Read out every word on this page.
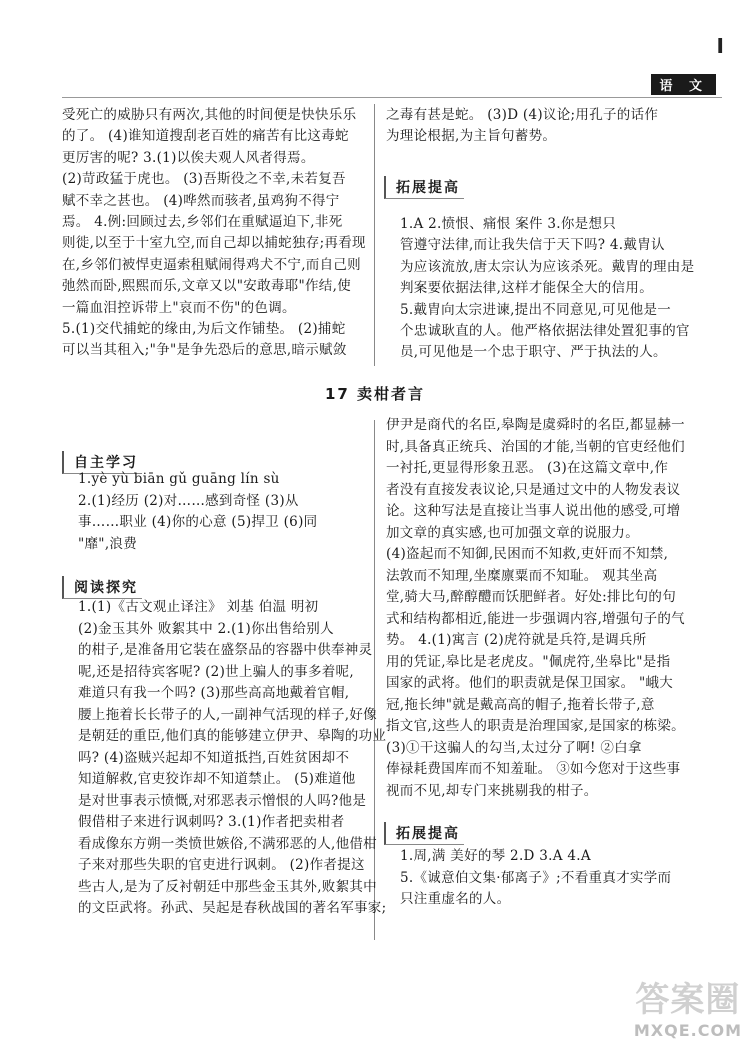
I
语 文
受死亡的威胁只有两次,其他的时间便是快快乐乐
的了。 (4)谁知道搜刮老百姓的痛苦有比这毒蛇
更厉害的呢? 3.(1)以俟夫观人风者得焉。
(2)苛政猛于虎也。 (3)吾斯役之不幸,未若复吾
赋不幸之甚也。 (4)哗然而骇者,虽鸡狗不得宁
焉。 4.例:回顾过去,乡邻们在重赋逼迫下,非死
则徙,以至于十室九空,而自己却以捕蛇独存;再看现
在,乡邻们被悍吏逼索租赋闹得鸡犬不宁,而自己则
弛然而卧,熙熙而乐,文章又以"安敢毒耶"作结,使
一篇血泪控诉带上"哀而不伤"的色调。
5.(1)交代捕蛇的缘由,为后文作铺垫。 (2)捕蛇
可以当其租入;"争"是争先恐后的意思,暗示赋敛
之毒有甚是蛇。 (3)D (4)议论;用孔子的话作
为理论根据,为主旨句蓄势。
拓展提高
1.A 2.愤恨、痛恨 案件 3.你是想只
管遵守法律,而让我失信于天下吗? 4.戴胄认
为应该流放,唐太宗认为应该杀死。戴胄的理由是
判案要依据法律,这样才能保全大的信用。
5.戴胄向太宗进谏,提出不同意见,可见他是一
个忠诚耿直的人。他严格依据法律处置犯事的官
员,可见他是一个忠于职守、严于执法的人。
17 卖柑者言
自主学习
1.yè yù biān gǔ guāng lín sù
2.(1)经历 (2)对……感到奇怪 (3)从
事……职业 (4)你的心意 (5)捍卫 (6)同
"靡",浪费
阅读探究
1.(1)《古文观止译注》 刘基 伯温 明初
(2)金玉其外 败絮其中 2.(1)你出售给别人
的柑子,是准备用它装在盛祭品的容器中供奉神灵
呢,还是招待宾客呢? (2)世上骗人的事多着呢,
难道只有我一个吗? (3)那些高高地戴着官帽,
腰上拖着长长带子的人,一副神气活现的样子,好像
是朝廷的重臣,他们真的能够建立伊尹、皋陶的功业
吗? (4)盗贼兴起却不知道抵挡,百姓贫困却不
知道解救,官吏狡诈却不知道禁止。 (5)难道他
是对世事表示愤慨,对邪恶表示憎恨的人吗?他是
假借柑子来进行讽刺吗? 3.(1)作者把卖柑者
看成像东方朔一类愤世嫉俗,不满邪恶的人,他借柑
子来对那些失职的官吏进行讽刺。 (2)作者提这
些古人,是为了反衬朝廷中那些金玉其外,败絮其中
的文臣武将。孙武、吴起是春秋战国的著名军事家;
伊尹是商代的名臣,皋陶是虞舜时的名臣,都显赫一
时,具备真正统兵、治国的才能,当朝的官吏经他们
一衬托,更显得形象丑恶。 (3)在这篇文章中,作
者没有直接发表议论,只是通过文中的人物发表议
论。这种写法是直接让当事人说出他的感受,可增
加文章的真实感,也可加强文章的说服力。
(4)盗起而不知御,民困而不知救,吏奸而不知禁,
法敦而不知理,坐糜廪粟而不知耻。 观其坐高
堂,骑大马,醉醇醴而饫肥鲜者。好处:排比句的句
式和结构都相近,能进一步强调内容,增强句子的气
势。 4.(1)寓言 (2)虎符就是兵符,是调兵所
用的凭证,皋比是老虎皮。"佩虎符,坐皋比"是指
国家的武将。他们的职责就是保卫国家。 "峨大
冠,拖长绅"就是戴高高的帽子,拖着长带子,意
指文官,这些人的职责是治理国家,是国家的栋梁。
(3)①干这骗人的勾当,太过分了啊! ②白拿
俸禄耗费国库而不知羞耻。 ③如今您对于这些事
视而不见,却专门来挑剔我的柑子。
拓展提高
1.周,满 美好的琴 2.D 3.A 4.A
5.《诚意伯文集·郁离子》;不看重真才实学而
只注重虚名的人。
答案圈
MXQE.COM
